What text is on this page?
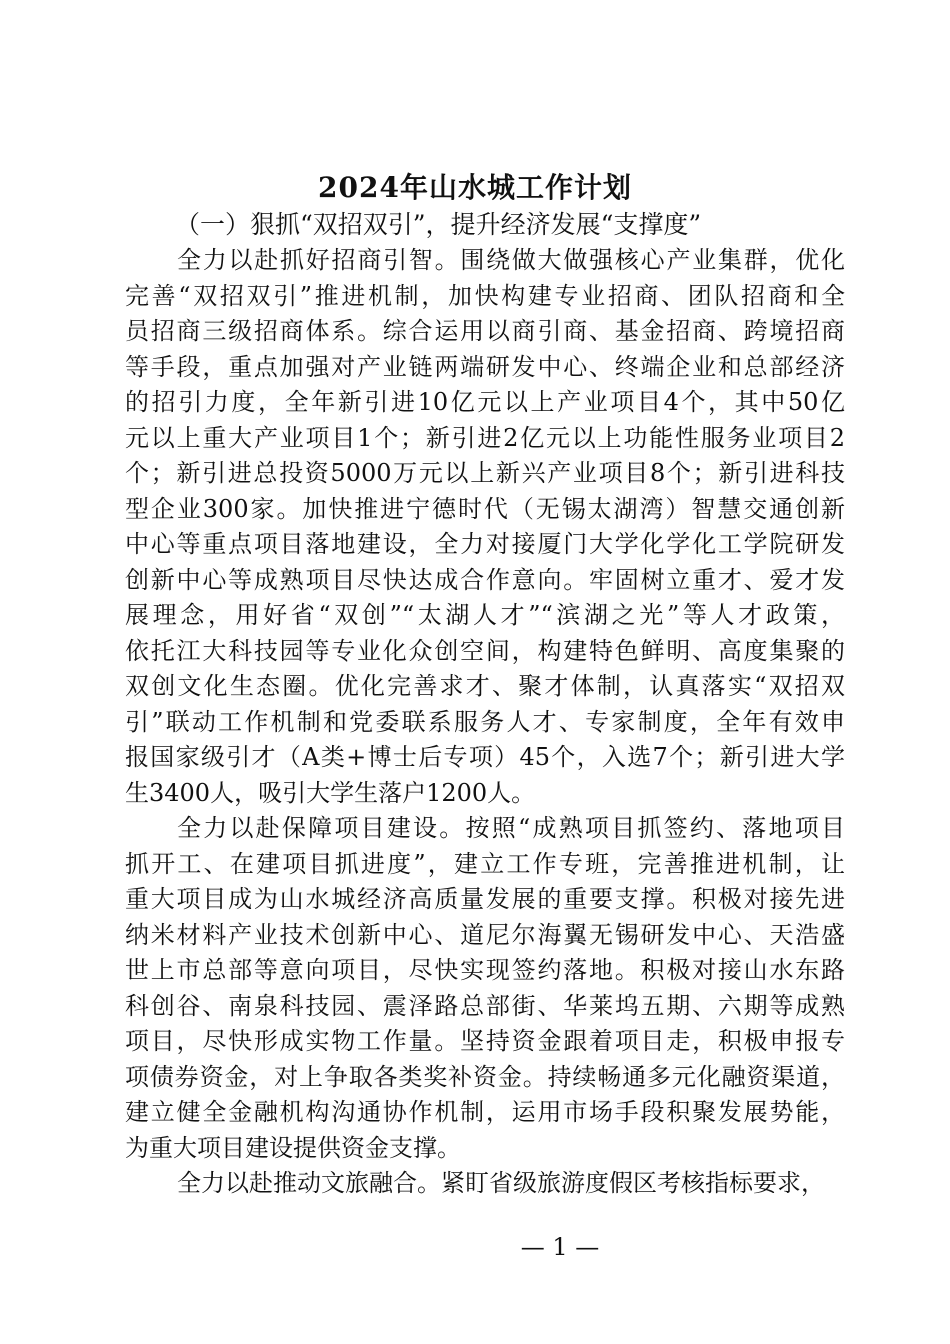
2024年山水城工作计划
（一）狠抓“双招双引”，提升经济发展“支撑度”
全力以赴抓好招商引智。围绕做大做强核心产业集群，优化
完善“双招双引”推进机制，加快构建专业招商、团队招商和全
员招商三级招商体系。综合运用以商引商、基金招商、跨境招商
等手段，重点加强对产业链两端研发中心、终端企业和总部经济
的招引力度，全年新引进10亿元以上产业项目4个，其中50亿
元以上重大产业项目1个；新引进2亿元以上功能性服务业项目2
个；新引进总投资5000万元以上新兴产业项目8个；新引进科技
型企业300家。加快推进宁德时代（无锡太湖湾）智慧交通创新
中心等重点项目落地建设，全力对接厦门大学化学化工学院研发
创新中心等成熟项目尽快达成合作意向。牢固树立重才、爱才发
展理念，用好省“双创”“太湖人才”“滨湖之光”等人才政策，
依托江大科技园等专业化众创空间，构建特色鲜明、高度集聚的
双创文化生态圈。优化完善求才、聚才体制，认真落实“双招双
引”联动工作机制和党委联系服务人才、专家制度，全年有效申
报国家级引才（A类+博士后专项）45个，入选7个；新引进大学
生3400人，吸引大学生落户1200人。
全力以赴保障项目建设。按照“成熟项目抓签约、落地项目
抓开工、在建项目抓进度”，建立工作专班，完善推进机制，让
重大项目成为山水城经济高质量发展的重要支撑。积极对接先进
纳米材料产业技术创新中心、道尼尔海翼无锡研发中心、天浩盛
世上市总部等意向项目，尽快实现签约落地。积极对接山水东路
科创谷、南泉科技园、震泽路总部街、华莱坞五期、六期等成熟
项目，尽快形成实物工作量。坚持资金跟着项目走，积极申报专
项债券资金，对上争取各类奖补资金。持续畅通多元化融资渠道，
建立健全金融机构沟通协作机制，运用市场手段积聚发展势能，
为重大项目建设提供资金支撑。
全力以赴推动文旅融合。紧盯省级旅游度假区考核指标要求，
— 1 —
